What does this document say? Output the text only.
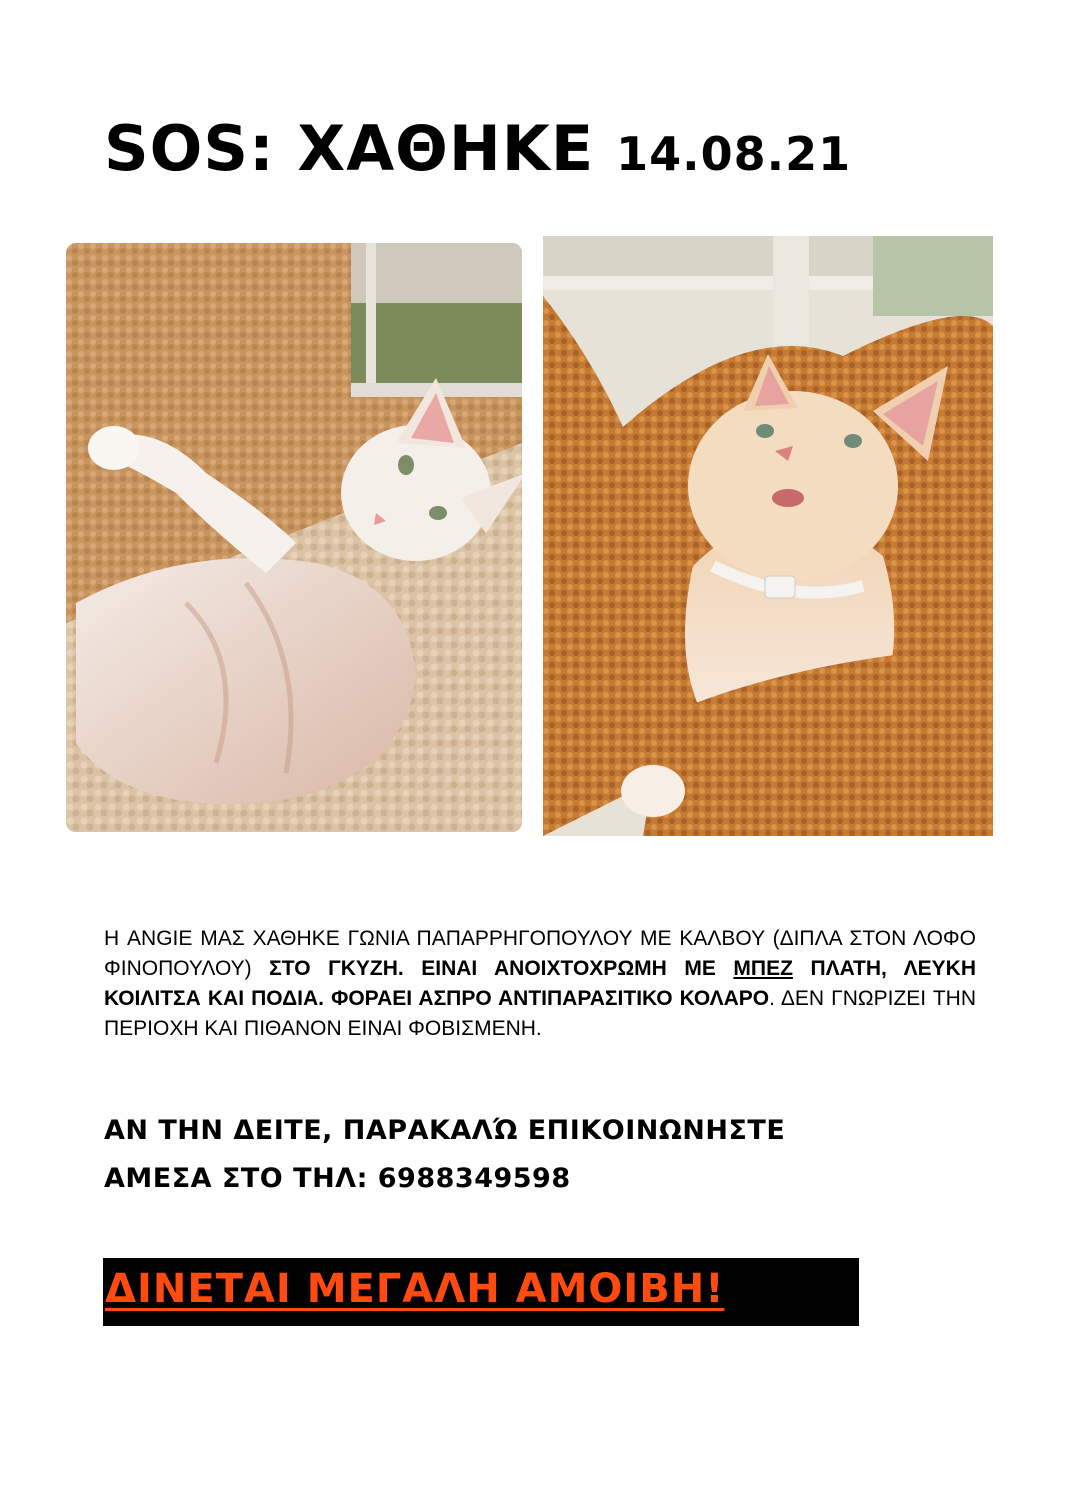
SOS: ΧΑΘΗΚΕ 14.08.21
Η ANGIE ΜΑΣ ΧΑΘΗΚΕ ΓΩΝΙΑ ΠΑΠΑΡΡΗΓΟΠΟΥΛΟΥ ΜΕ ΚΑΛΒΟΥ (ΔΙΠΛΑ ΣΤΟΝ ΛΟΦΟ ΦΙΝΟΠΟΥΛΟΥ) ΣΤΟ ΓΚΥΖΗ. ΕΙΝΑΙ ΑΝΟΙΧΤΟΧΡΩΜΗ ΜΕ ΜΠΕΖ ΠΛΑΤΗ, ΛΕΥΚΗ ΚΟΙΛΙΤΣΑ ΚΑΙ ΠΟΔΙΑ. ΦΟΡΑΕΙ ΑΣΠΡΟ ΑΝΤΙΠΑΡΑΣΙΤΙΚΟ ΚΟΛΑΡΟ. ΔΕΝ ΓΝΩΡΙΖΕΙ ΤΗΝ ΠΕΡΙΟΧΗ ΚΑΙ ΠΙΘΑΝΟΝ ΕΙΝΑΙ ΦΟΒΙΣΜΕΝΗ.
ΑΝ ΤΗΝ ΔΕΙΤΕ, ΠΑΡΑΚΑΛΏ ΕΠΙΚΟΙΝΩΝΗΣΤΕ
ΑΜΕΣΑ ΣΤΟ ΤΗΛ: 6988349598
ΔΙΝΕΤΑΙ ΜΕΓΑΛΗ ΑΜΟΙΒΗ!
